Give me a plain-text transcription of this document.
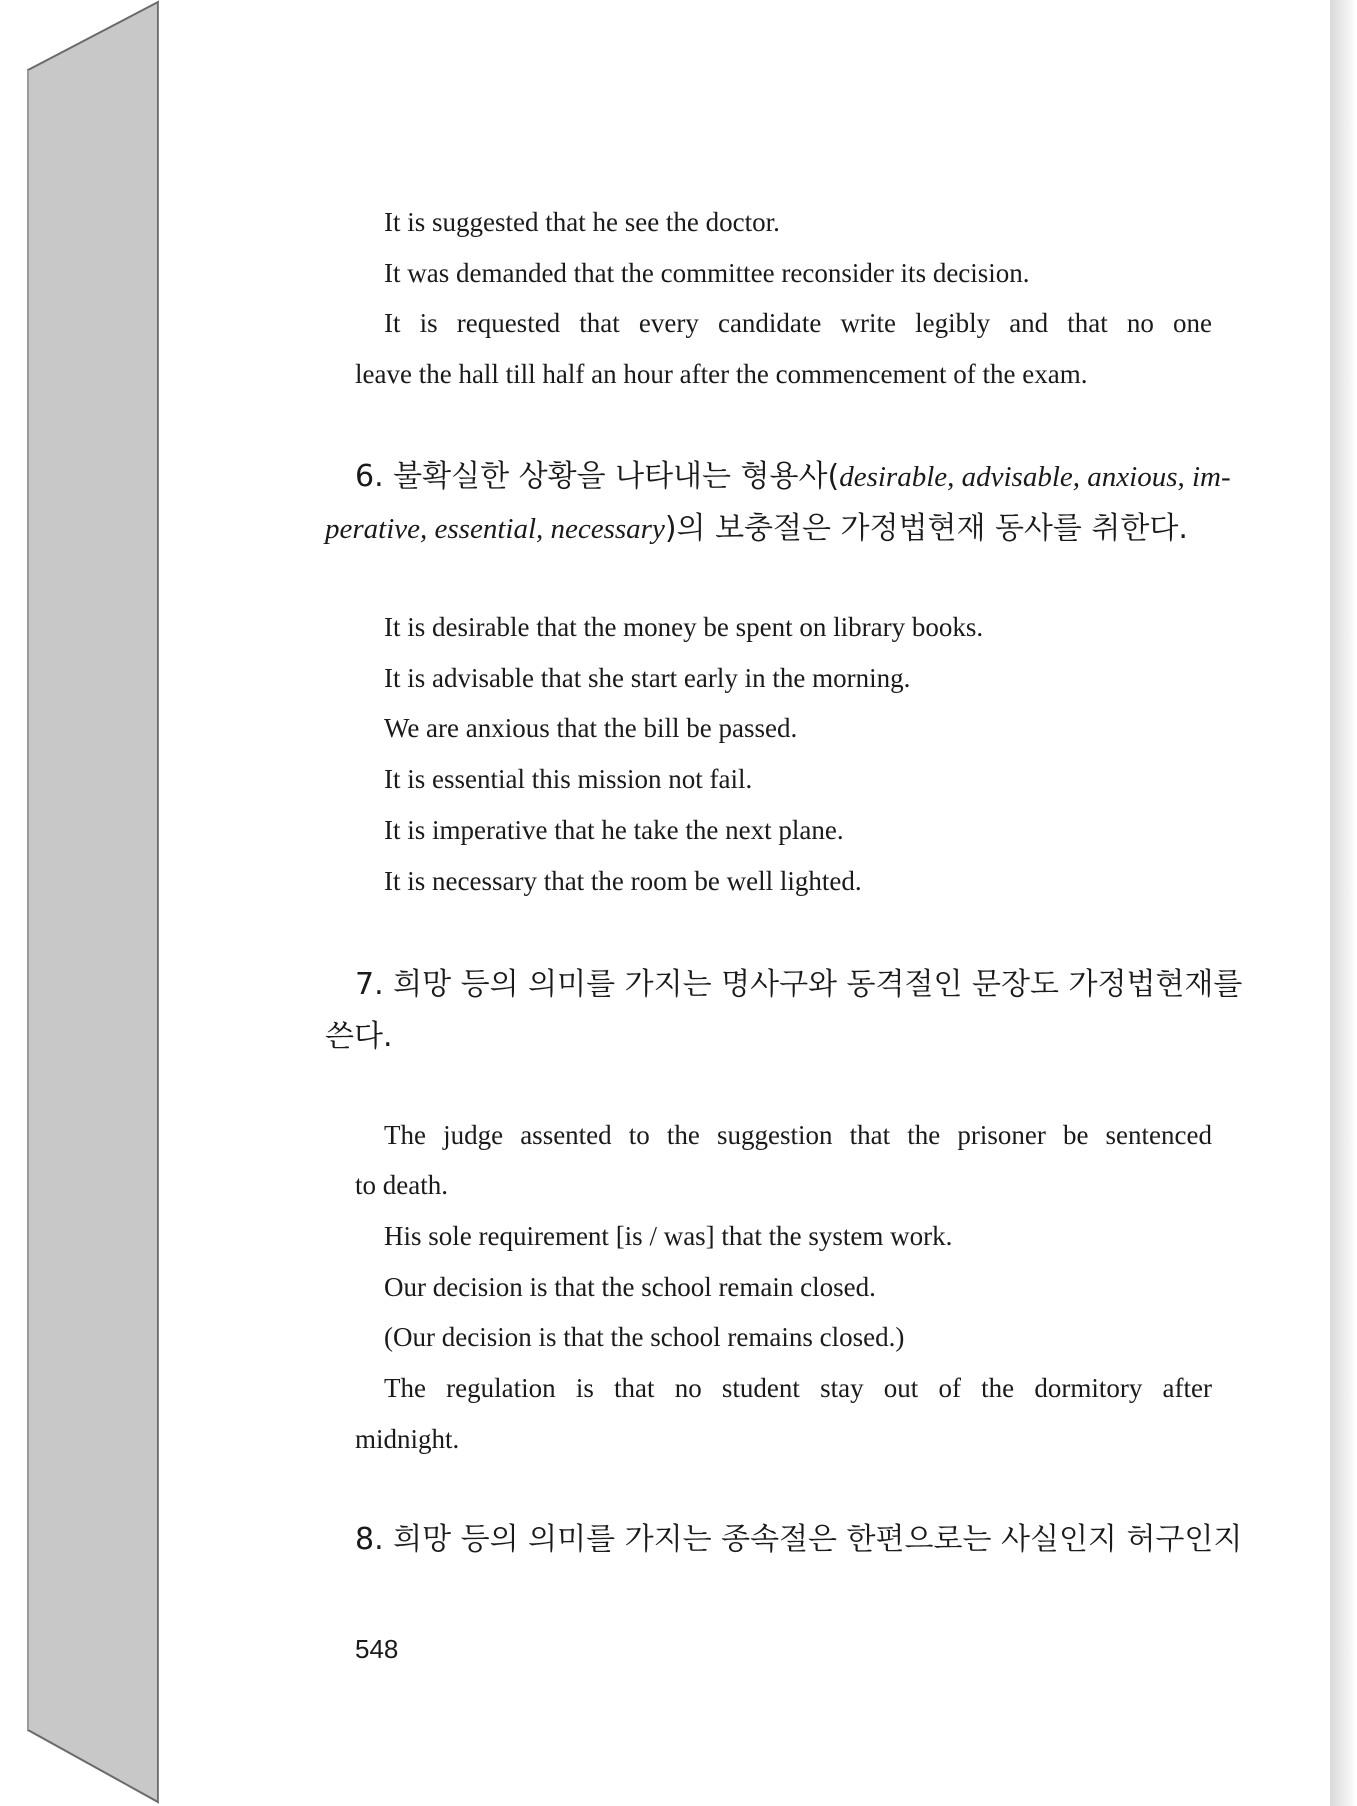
It is suggested that he see the doctor.
It was demanded that the committee reconsider its decision.
It is requested that every candidate write legibly and that no one
leave the hall till half an hour after the commencement of the exam.
6. 불확실한 상황을 나타내는 형용사(desirable, advisable, anxious, im-
perative, essential, necessary)의 보충절은 가정법현재 동사를 취한다.
It is desirable that the money be spent on library books.
It is advisable that she start early in the morning.
We are anxious that the bill be passed.
It is essential this mission not fail.
It is imperative that he take the next plane.
It is necessary that the room be well lighted.
7. 희망 등의 의미를 가지는 명사구와 동격절인 문장도 가정법현재를
쓴다.
The judge assented to the suggestion that the prisoner be sentenced
to death.
His sole requirement [is / was] that the system work.
Our decision is that the school remain closed.
(Our decision is that the school remains closed.)
The regulation is that no student stay out of the dormitory after
midnight.
8. 희망 등의 의미를 가지는 종속절은 한편으로는 사실인지 허구인지
548
